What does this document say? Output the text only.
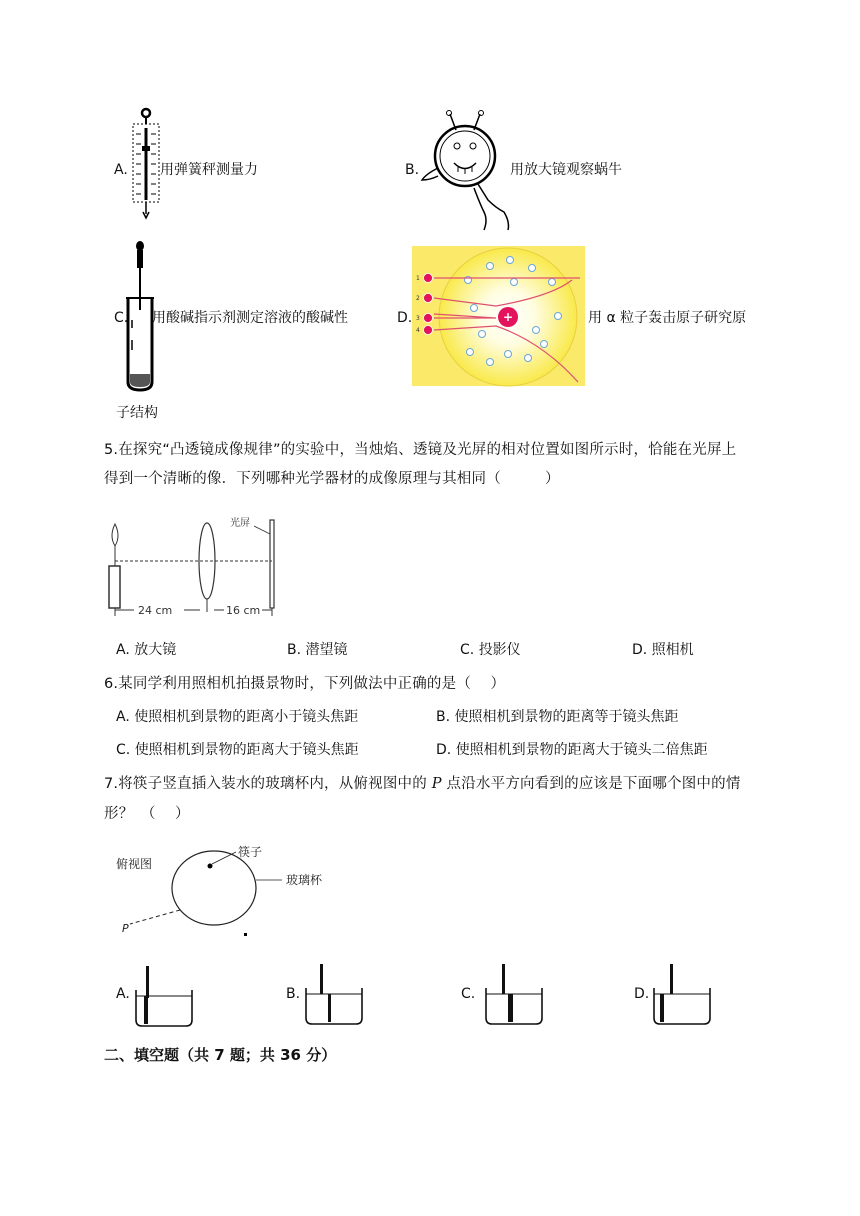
A. 用弹簧秤测量力	B.	用放大镜观察蜗牛
C. 用酸碱指示剂测定溶液的酸碱性	D.	+
1
2
3
4
用 α 粒子轰击原子研究原
子结构
5.在探究“凸透镜成像规律”的实验中，当烛焰、透镜及光屏的相对位置如图所示时，恰能在光屏上
得到一个清晰的像．下列哪种光学器材的成像原理与其相同（　　　）
光屏
24 cm	16 cm
A. 放大镜	B. 潜望镜	C. 投影仪	D. 照相机
6.某同学利用照相机拍摄景物时，下列做法中正确的是（　 ）
A. 使照相机到景物的距离小于镜头焦距	B. 使照相机到景物的距离等于镜头焦距
C. 使照相机到景物的距离大于镜头焦距	D. 使照相机到景物的距离大于镜头二倍焦距
7.将筷子竖直插入装水的玻璃杯内，从俯视图中的 P 点沿水平方向看到的应该是下面哪个图中的情
形？　（　 ）
俯视图
筷子
玻璃杯
P
A.	B.	C.	D.
二、填空题（共 7 题；共 36 分）
